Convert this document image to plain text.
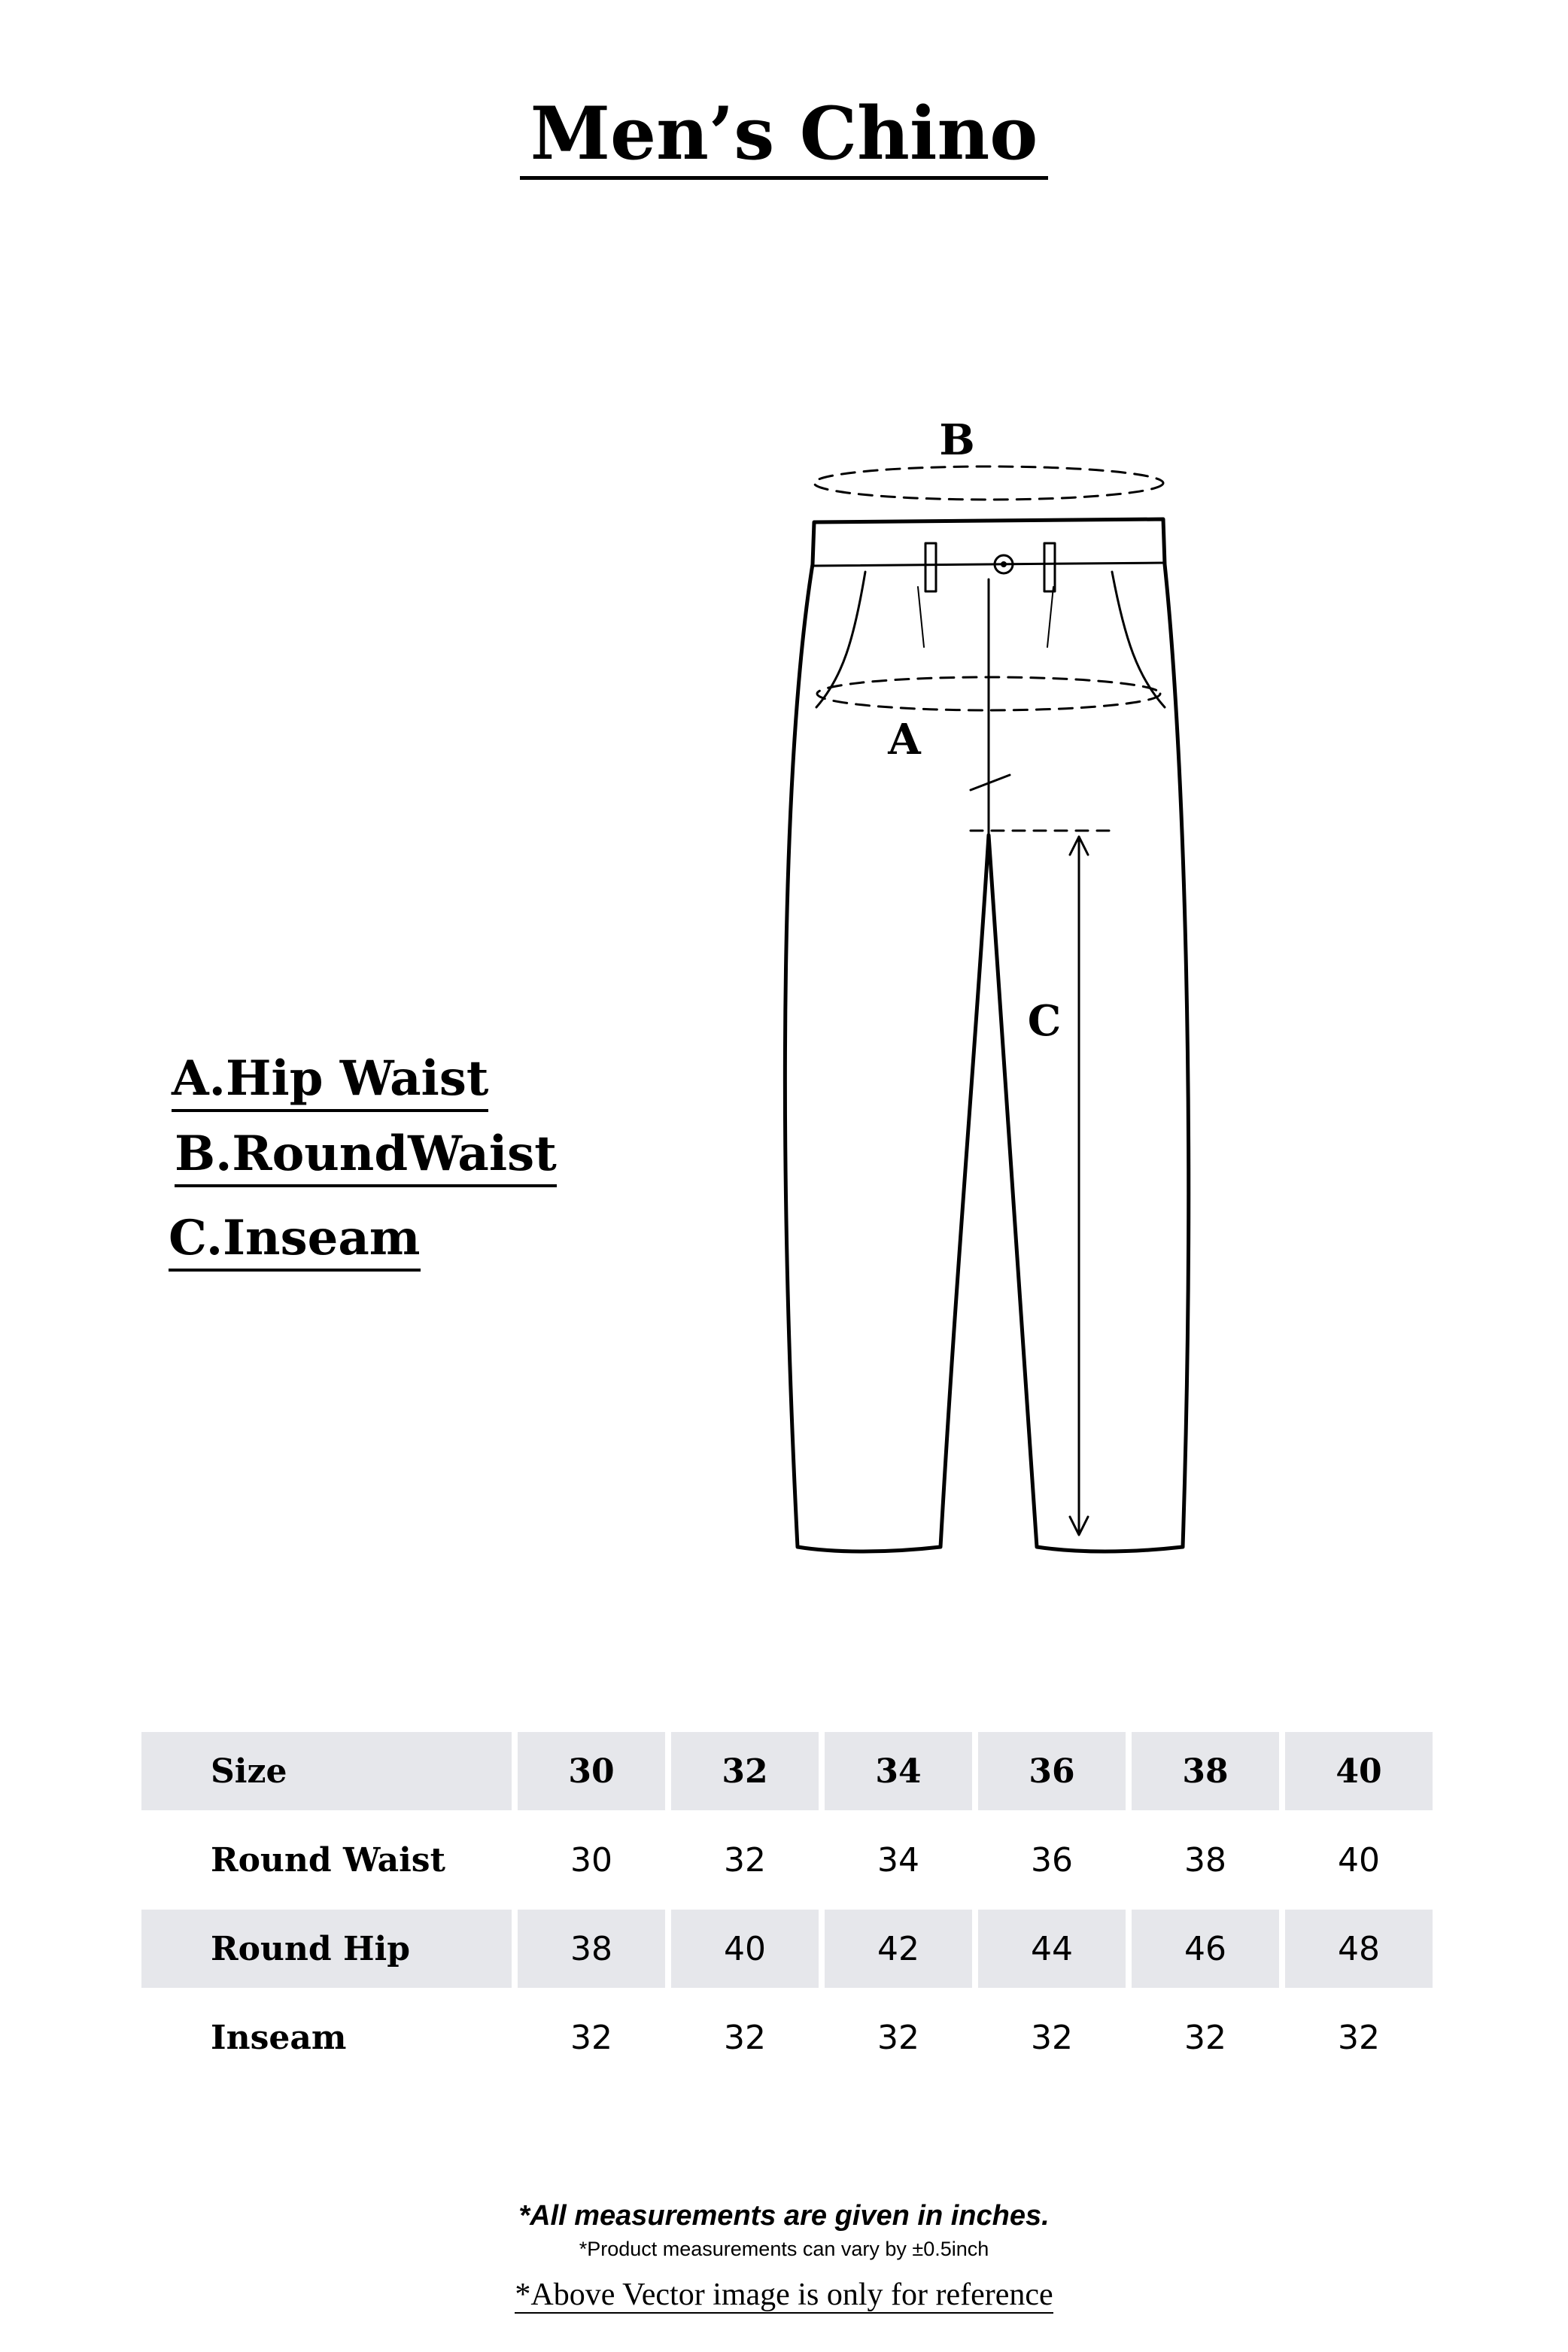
Men’s Chino
B
A
C
A.Hip Waist
B.RoundWaist
C.Inseam
Size	30	32	34	36	38	40

Round Waist	30	32	34	36	38	40

Round Hip	38	40	42	44	46	48

Inseam	32	32	32	32	32	32
*All measurements are given in inches.
*Product measurements can vary by ±0.5inch
*Above Vector image is only for reference
